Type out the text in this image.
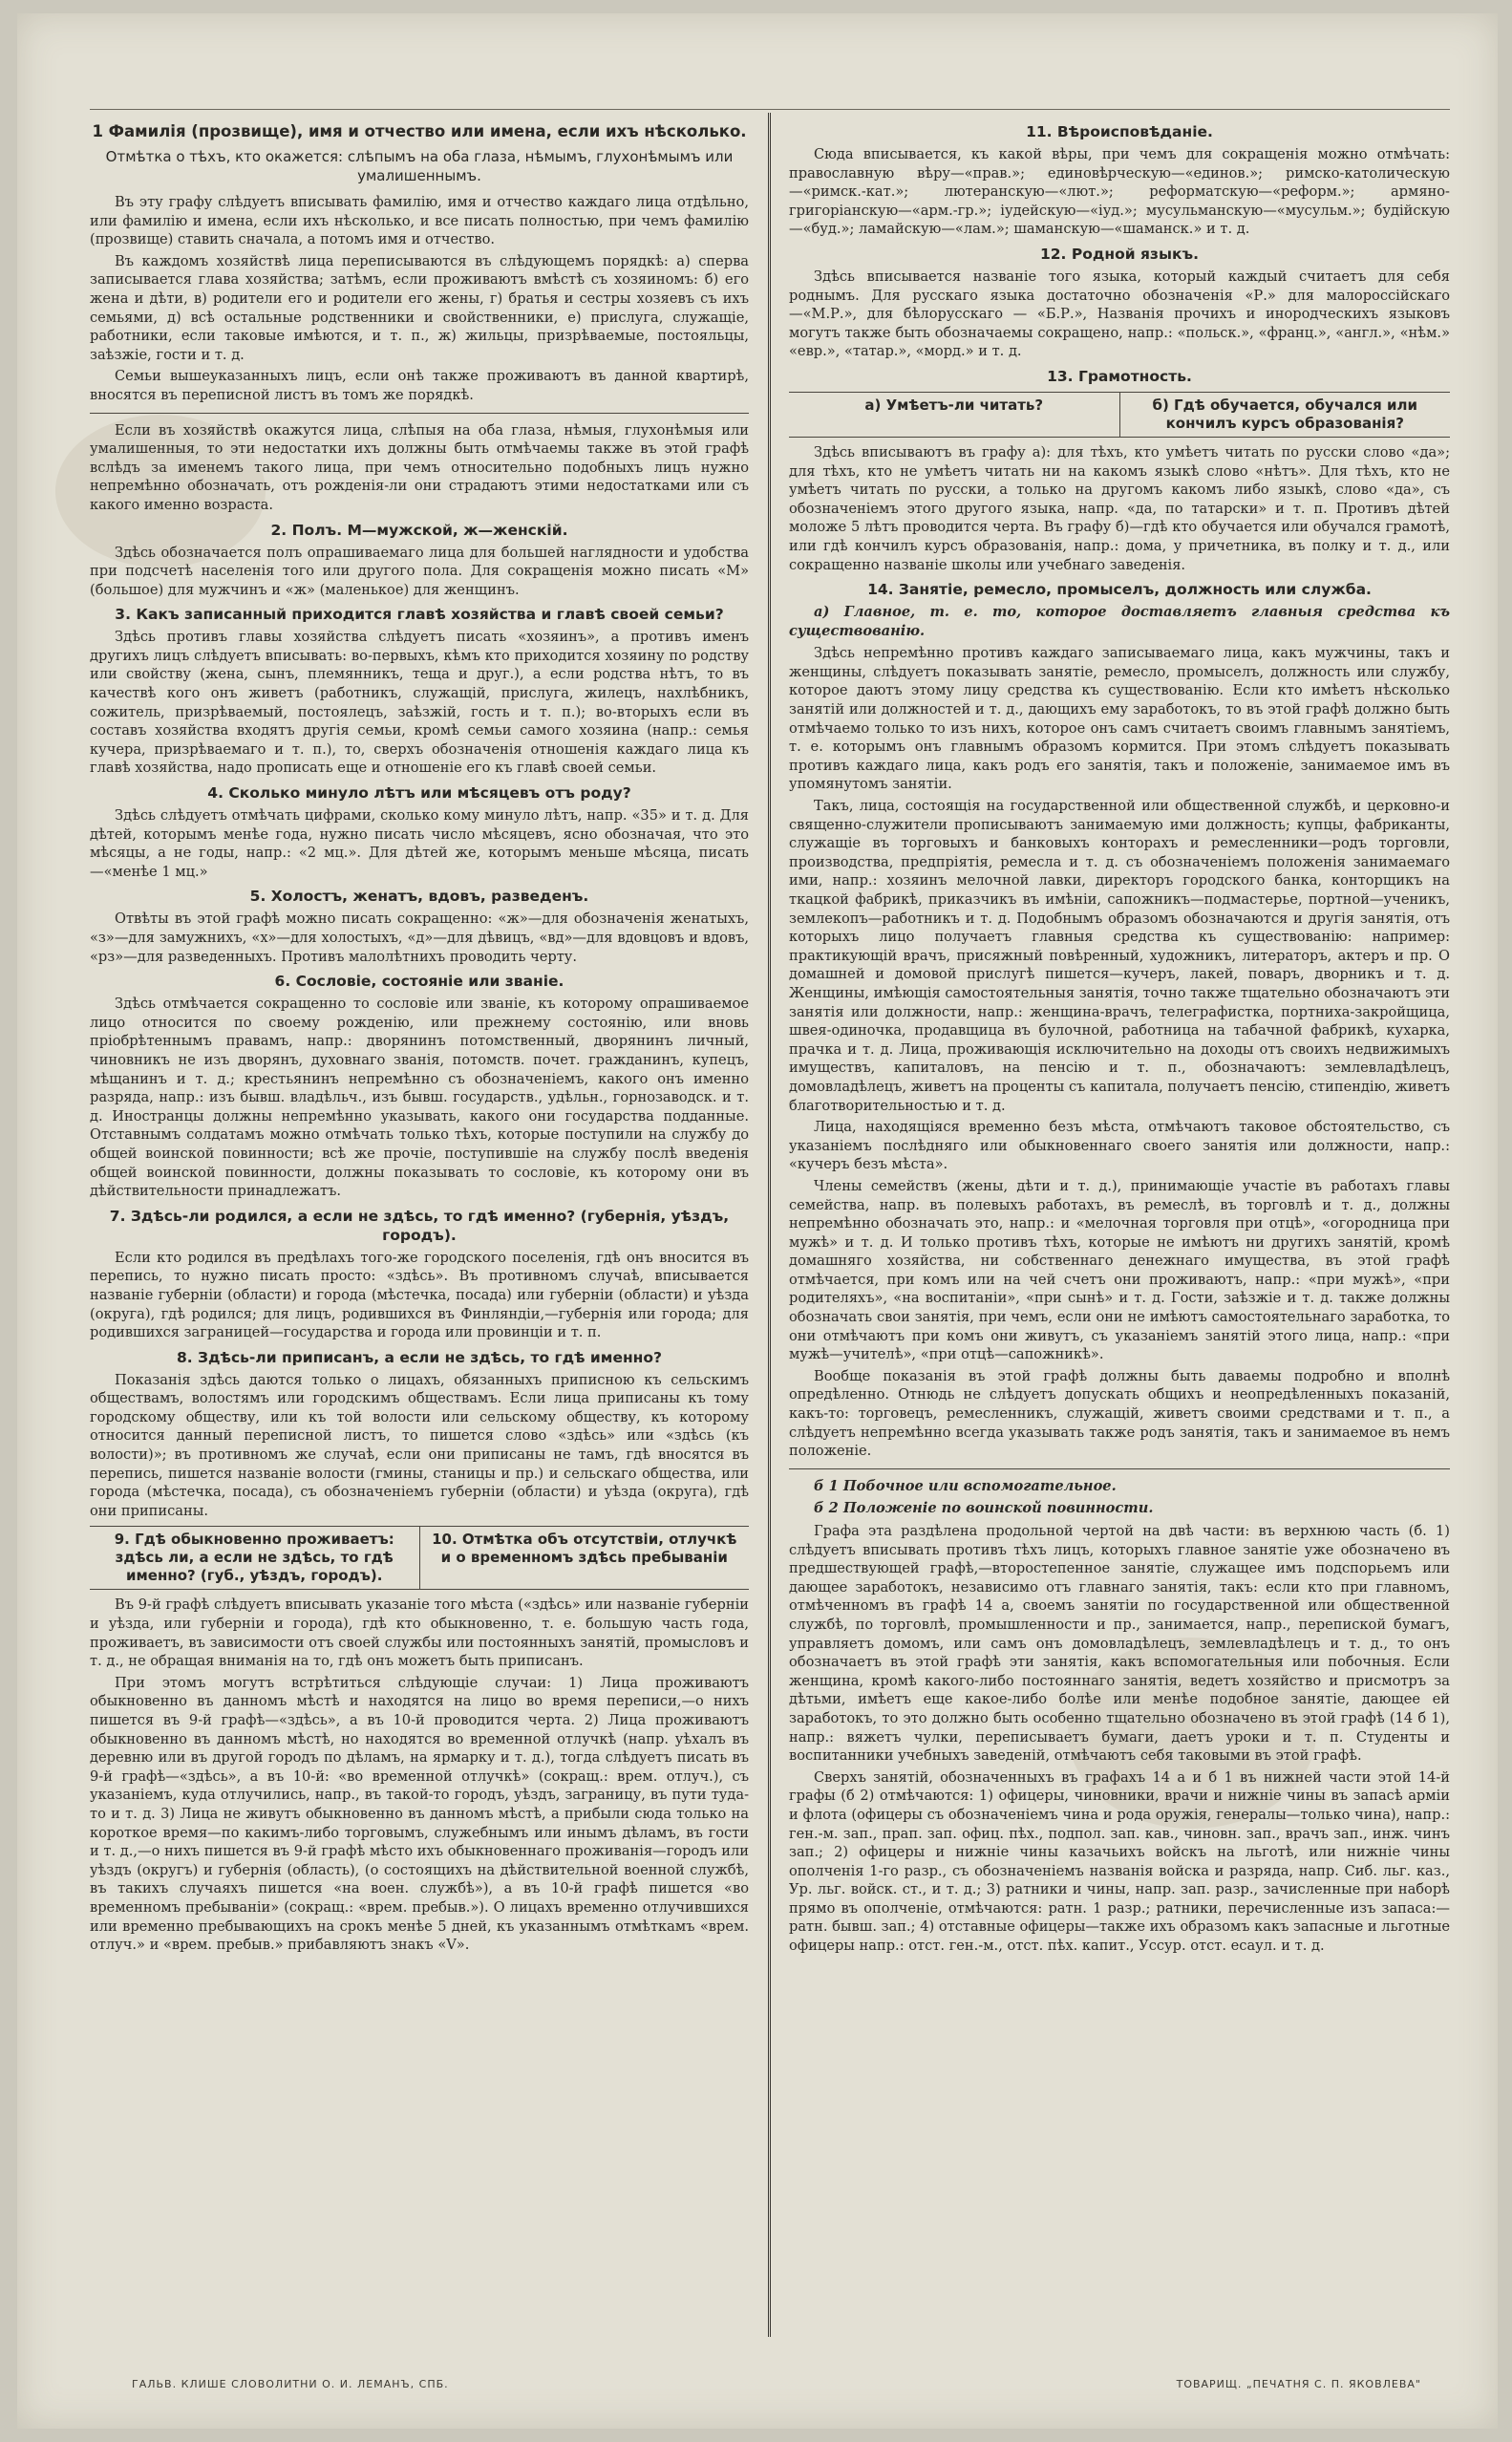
1 Фамилія (прозвище), имя и отчество или имена, если ихъ нѣсколько.
Отмѣтка о тѣхъ, кто окажется: слѣпымъ на оба глаза, нѣмымъ, глухонѣмымъ или умалишеннымъ.

Въ эту графу слѣдуетъ вписывать фамилію, имя и отчество каждаго лица отдѣльно, или фамилію и имена, если ихъ нѣсколько, и все писать полностью, при чемъ фамилію (прозвище) ставить сначала, а потомъ имя и отчество.

Въ каждомъ хозяйствѣ лица переписываются въ слѣдующемъ порядкѣ: а) сперва записывается глава хозяйства; затѣмъ, если проживаютъ вмѣстѣ съ хозяиномъ: б) его жена и дѣти, в) родители его и родители его жены, г) братья и сестры хозяевъ съ ихъ семьями, д) всѣ остальные родственники и свойственники, е) прислуга, служащіе, работники, если таковые имѣются, и т. п., ж) жильцы, призрѣваемые, постояльцы, заѣзжіе, гости и т. д.

Семьи вышеуказанныхъ лицъ, если онѣ также проживаютъ въ данной квартирѣ, вносятся въ переписной листъ въ томъ же порядкѣ.

Если въ хозяйствѣ окажутся лица, слѣпыя на оба глаза, нѣмыя, глухонѣмыя или умалишенныя, то эти недостатки ихъ должны быть отмѣчаемы также въ этой графѣ вслѣдъ за именемъ такого лица, при чемъ относительно подобныхъ лицъ нужно непремѣнно обозначать, отъ рожденія-ли они страдаютъ этими недостатками или съ какого именно возраста.

2. Полъ. М—мужской, ж—женскій.

Здѣсь обозначается полъ опрашиваемаго лица для большей наглядности и удобства при подсчетѣ населенія того или другого пола. Для сокращенія можно писать «М» (большое) для мужчинъ и «ж» (маленькое) для женщинъ.

3. Какъ записанный приходится главѣ хозяйства и главѣ своей семьи?

Здѣсь противъ главы хозяйства слѣдуетъ писать «хозяинъ», а противъ именъ другихъ лицъ слѣдуетъ вписывать: во-первыхъ, кѣмъ кто приходится хозяину по родству или свойству (жена, сынъ, племянникъ, теща и друг.), а если родства нѣтъ, то въ качествѣ кого онъ живетъ (работникъ, служащій, прислуга, жилецъ, нахлѣбникъ, сожитель, призрѣваемый, постоялецъ, заѣзжій, гость и т. п.); во-вторыхъ если въ составъ хозяйства входятъ другія семьи, кромѣ семьи самого хозяина (напр.: семья кучера, призрѣваемаго и т. п.), то, сверхъ обозначенія отношенія каждаго лица къ главѣ хозяйства, надо прописать еще и отношеніе его къ главѣ своей семьи.

4. Сколько минуло лѣтъ или мѣсяцевъ отъ роду?

Здѣсь слѣдуетъ отмѣчать цифрами, сколько кому минуло лѣтъ, напр. «35» и т. д. Для дѣтей, которымъ менѣе года, нужно писать число мѣсяцевъ, ясно обозначая, что это мѣсяцы, а не годы, напр.: «2 мц.». Для дѣтей же, которымъ меньше мѣсяца, писать—«менѣе 1 мц.»

5. Холостъ, женатъ, вдовъ, разведенъ.

Отвѣты въ этой графѣ можно писать сокращенно: «ж»—для обозначенія женатыхъ, «з»—для замужнихъ, «х»—для холостыхъ, «д»—для дѣвицъ, «вд»—для вдовцовъ и вдовъ, «рз»—для разведенныхъ. Противъ малолѣтнихъ проводить черту.

6. Сословіе, состояніе или званіе.

Здѣсь отмѣчается сокращенно то сословіе или званіе, къ которому опрашиваемое лицо относится по своему рожденію, или прежнему состоянію, или вновь пріобрѣтеннымъ правамъ, напр.: дворянинъ потомственный, дворянинъ личный, чиновникъ не изъ дворянъ, духовнаго званія, потомств. почет. гражданинъ, купецъ, мѣщанинъ и т. д.; крестьянинъ непремѣнно съ обозначеніемъ, какого онъ именно разряда, напр.: изъ бывш. владѣльч., изъ бывш. государств., удѣльн., горнозаводск. и т. д. Иностранцы должны непремѣнно указывать, какого они государства подданные. Отставнымъ солдатамъ можно отмѣчать только тѣхъ, которые поступили на службу до общей воинской повинности; всѣ же прочіе, поступившіе на службу послѣ введенія общей воинской повинности, должны показывать то сословіе, къ которому они въ дѣйствительности принадлежатъ.

7. Здѣсь-ли родился, а если не здѣсь, то гдѣ именно? (губернія, уѣздъ, городъ).

Если кто родился въ предѣлахъ того-же городского поселенія, гдѣ онъ вносится въ перепись, то нужно писать просто: «здѣсь». Въ противномъ случаѣ, вписывается названіе губерніи (области) и города (мѣстечка, посада) или губерніи (области) и уѣзда (округа), гдѣ родился; для лицъ, родившихся въ Финляндіи,—губернія или города; для родившихся заграницей—государства и города или провинціи и т. п.

8. Здѣсь-ли приписанъ, а если не здѣсь, то гдѣ именно?

Показанія здѣсь даются только о лицахъ, обязанныхъ приписною къ сельскимъ обществамъ, волостямъ или городскимъ обществамъ. Если лица приписаны къ тому городскому обществу, или къ той волости или сельскому обществу, къ которому относится данный переписной листъ, то пишется слово «здѣсь» или «здѣсь (къ волости)»; въ противномъ же случаѣ, если они приписаны не тамъ, гдѣ вносятся въ перепись, пишется названіе волости (гмины, станицы и пр.) и сельскаго общества, или города (мѣстечка, посада), съ обозначеніемъ губерніи (области) и уѣзда (округа), гдѣ они приписаны.

9. Гдѣ обыкновенно проживаетъ: здѣсь ли, а если не здѣсь, то гдѣ именно? (губ., уѣздъ, городъ).
10. Отмѣтка объ отсутствіи, отлучкѣ и о временномъ здѣсь пребываніи

Въ 9-й графѣ слѣдуетъ вписывать указаніе того мѣста («здѣсь» или названіе губерніи и уѣзда, или губерніи и города), гдѣ кто обыкновенно, т. е. большую часть года, проживаетъ, въ зависимости отъ своей службы или постоянныхъ занятій, промысловъ и т. д., не обращая вниманія на то, гдѣ онъ можетъ быть приписанъ.

При этомъ могутъ встрѣтиться слѣдующіе случаи: 1) Лица проживаютъ обыкновенно въ данномъ мѣстѣ и находятся на лицо во время переписи,—о нихъ пишется въ 9-й графѣ—«здѣсь», а въ 10-й проводится черта. 2) Лица проживаютъ обыкновенно въ данномъ мѣстѣ, но находятся во временной отлучкѣ (напр. уѣхалъ въ деревню или въ другой городъ по дѣламъ, на ярмарку и т. д.), тогда слѣдуетъ писать въ 9-й графѣ—«здѣсь», а въ 10-й: «во временной отлучкѣ» (сокращ.: врем. отлуч.), съ указаніемъ, куда отлучились, напр., въ такой-то городъ, уѣздъ, заграницу, въ пути туда-то и т. д. 3) Лица не живутъ обыкновенно въ данномъ мѣстѣ, а прибыли сюда только на короткое время—по какимъ-либо торговымъ, служебнымъ или инымъ дѣламъ, въ гости и т. д.,—о нихъ пишется въ 9-й графѣ мѣсто ихъ обыкновеннаго проживанія—городъ или уѣздъ (округъ) и губернія (область), (о состоящихъ на дѣйствительной военной службѣ, въ такихъ случаяхъ пишется «на воен. службѣ»), а въ 10-й графѣ пишется «во временномъ пребываніи» (сокращ.: «врем. пребыв.»). О лицахъ временно отлучившихся или временно пребывающихъ на срокъ менѣе 5 дней, къ указаннымъ отмѣткамъ «врем. отлуч.» и «врем. пребыв.» прибавляютъ знакъ «V».

11. Вѣроисповѣданіе.

Сюда вписывается, къ какой вѣры, при чемъ для сокращенія можно отмѣчать: православную вѣру—«прав.»; единовѣрческую—«единов.»; римско-католическую—«римск.-кат.»; лютеранскую—«лют.»; реформатскую—«реформ.»; армяно-григоріанскую—«арм.-гр.»; іудейскую—«іуд.»; мусульманскую—«мусульм.»; будійскую—«буд.»; ламайскую—«лам.»; шаманскую—«шаманск.» и т. д.

12. Родной языкъ.

Здѣсь вписывается названіе того языка, который каждый считаетъ для себя роднымъ. Для русскаго языка достаточно обозначенія «Р.» для малороссійскаго—«М.Р.», для бѣлорусскаго — «Б.Р.», Названія прочихъ и инородческихъ языковъ могутъ также быть обозначаемы сокращено, напр.: «польск.», «франц.», «англ.», «нѣм.» «евр.», «татар.», «морд.» и т. д.

13. Грамотность.
а) Умѣетъ-ли читать?	б) Гдѣ обучается, обучался или кончилъ курсъ образованія?

Здѣсь вписываютъ въ графу а): для тѣхъ, кто умѣетъ читать по русски слово «да»; для тѣхъ, кто не умѣетъ читать ни на какомъ языкѣ слово «нѣтъ». Для тѣхъ, кто не умѣетъ читать по русски, а только на другомъ какомъ либо языкѣ, слово «да», съ обозначеніемъ этого другого языка, напр. «да, по татарски» и т. п. Противъ дѣтей моложе 5 лѣтъ проводится черта. Въ графу б)—гдѣ кто обучается или обучался грамотѣ, или гдѣ кончилъ курсъ образованія, напр.: дома, у причетника, въ полку и т. д., или сокращенно названіе школы или учебнаго заведенія.

14. Занятіе, ремесло, промыселъ, должность или служба.
а) Главное, т. е. то, которое доставляетъ главныя средства къ существованію.

Здѣсь непремѣнно противъ каждаго записываемаго лица, какъ мужчины, такъ и женщины, слѣдуетъ показывать занятіе, ремесло, промыселъ, должность или службу, которое даютъ этому лицу средства къ существованію. Если кто имѣетъ нѣсколько занятій или должностей и т. д., дающихъ ему заработокъ, то въ этой графѣ должно быть отмѣчаемо только то изъ нихъ, которое онъ самъ считаетъ своимъ главнымъ занятіемъ, т. е. которымъ онъ главнымъ образомъ кормится. При этомъ слѣдуетъ показывать противъ каждаго лица, какъ родъ его занятія, такъ и положеніе, занимаемое имъ въ упомянутомъ занятіи.

Такъ, лица, состоящія на государственной или общественной службѣ, и церковно-и священно-служители прописываютъ занимаемую ими должность; купцы, фабриканты, служащіе въ торговыхъ и банковыхъ конторахъ и ремесленники—родъ торговли, производства, предпріятія, ремесла и т. д. съ обозначеніемъ положенія занимаемаго ими, напр.: хозяинъ мелочной лавки, директоръ городского банка, конторщикъ на ткацкой фабрикѣ, приказчикъ въ имѣніи, сапожникъ—подмастерье, портной—ученикъ, землекопъ—работникъ и т. д. Подобнымъ образомъ обозначаются и другія занятія, отъ которыхъ лицо получаетъ главныя средства къ существованію: например: практикующій врачъ, присяжный повѣренный, художникъ, литераторъ, актеръ и пр. О домашней и домовой прислугѣ пишется—кучеръ, лакей, поваръ, дворникъ и т. д. Женщины, имѣющія самостоятельныя занятія, точно также тщательно обозначаютъ эти занятія или должности, напр.: женщина-врачъ, телеграфистка, портниха-закройщица, швея-одиночка, продавщица въ булочной, работница на табачной фабрикѣ, кухарка, прачка и т. д. Лица, проживающія исключительно на доходы отъ своихъ недвижимыхъ имуществъ, капиталовъ, на пенсію и т. п., обозначаютъ: землевладѣлецъ, домовладѣлецъ, живетъ на проценты съ капитала, получаетъ пенсію, стипендію, живетъ благотворительностью и т. д.

Лица, находящіяся временно безъ мѣста, отмѣчаютъ таковое обстоятельство, съ указаніемъ послѣдняго или обыкновеннаго своего занятія или должности, напр.: «кучеръ безъ мѣста».

Члены семействъ (жены, дѣти и т. д.), принимающіе участіе въ работахъ главы семейства, напр. въ полевыхъ работахъ, въ ремеслѣ, въ торговлѣ и т. д., должны непремѣнно обозначать это, напр.: и «мелочная торговля при отцѣ», «огородница при мужѣ» и т. д. И только противъ тѣхъ, которые не имѣютъ ни другихъ занятій, кромѣ домашняго хозяйства, ни собственнаго денежнаго имущества, въ этой графѣ отмѣчается, при комъ или на чей счетъ они проживаютъ, напр.: «при мужѣ», «при родителяхъ», «на воспитаніи», «при сынѣ» и т. д. Гости, заѣзжіе и т. д. также должны обозначать свои занятія, при чемъ, если они не имѣютъ самостоятельнаго заработка, то они отмѣчаютъ при комъ они живутъ, съ указаніемъ занятій этого лица, напр.: «при мужѣ—учителѣ», «при отцѣ—сапожникѣ».

Вообще показанія въ этой графѣ должны быть даваемы подробно и вполнѣ опредѣленно. Отнюдь не слѣдуетъ допускать общихъ и неопредѣленныхъ показаній, какъ-то: торговецъ, ремесленникъ, служащій, живетъ своими средствами и т. п., а слѣдуетъ непремѣнно всегда указывать также родъ занятія, такъ и занимаемое въ немъ положеніе.

б 1 Побочное или вспомогательное.
б 2 Положеніе по воинской повинности.

Графа эта раздѣлена продольной чертой на двѣ части: въ верхнюю часть (б. 1) слѣдуетъ вписывать противъ тѣхъ лицъ, которыхъ главное занятіе уже обозначено въ предшествующей графѣ,—второстепенное занятіе, служащее имъ подспорьемъ или дающее заработокъ, независимо отъ главнаго занятія, такъ: если кто при главномъ, отмѣченномъ въ графѣ 14 а, своемъ занятіи по государственной или общественной службѣ, по торговлѣ, промышленности и пр., занимается, напр., перепиской бумагъ, управляетъ домомъ, или самъ онъ домовладѣлецъ, землевладѣлецъ и т. д., то онъ обозначаетъ въ этой графѣ эти занятія, какъ вспомогательныя или побочныя. Если женщина, кромѣ какого-либо постояннаго занятія, ведетъ хозяйство и присмотръ за дѣтьми, имѣетъ еще какое-либо болѣе или менѣе подобное занятіе, дающее ей заработокъ, то это должно быть особенно тщательно обозначено въ этой графѣ (14 б 1), напр.: вяжетъ чулки, переписываетъ бумаги, даетъ уроки и т. п. Студенты и воспитанники учебныхъ заведеній, отмѣчаютъ себя таковыми въ этой графѣ.

Сверхъ занятій, обозначенныхъ въ графахъ 14 а и б 1 въ нижней части этой 14-й графы (б 2) отмѣчаются: 1) офицеры, чиновники, врачи и нижніе чины въ запасѣ арміи и флота (офицеры съ обозначеніемъ чина и рода оружія, генералы—только чина), напр.: ген.-м. зап., прап. зап. офиц. пѣх., подпол. зап. кав., чиновн. зап., врачъ зап., инж. чинъ зап.; 2) офицеры и нижніе чины казачьихъ войскъ на льготѣ, или нижніе чины ополченія 1-го разр., съ обозначеніемъ названія войска и разряда, напр. Сиб. льг. каз., Ур. льг. войск. ст., и т. д.; 3) ратники и чины, напр. зап. разр., зачисленные при наборѣ прямо въ ополченіе, отмѣчаются: ратн. 1 разр.; ратники, перечисленные изъ запаса:—ратн. бывш. зап.; 4) отставные офицеры—также ихъ образомъ какъ запасные и льготные офицеры напр.: отст. ген.-м., отст. пѣх. капит., Уссур. отст. есаул. и т. д.

ГАЛЬВ. КЛИШЕ СЛОВОЛИТНИ О. И. ЛЕМАНЪ, СПБ.	ТОВАРИЩ. „ПЕЧАТНЯ С. П. ЯКОВЛЕВА"
